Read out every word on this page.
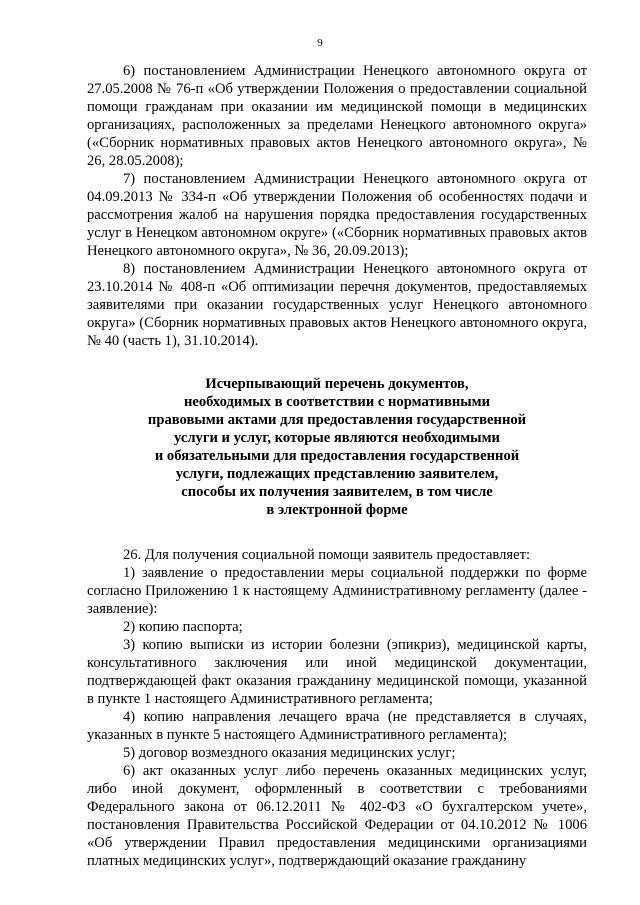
9

6) постановлением Администрации Ненецкого автономного округа от 27.05.2008 № 76-п «Об утверждении Положения о предоставлении социальной помощи гражданам при оказании им медицинской помощи в медицинских организациях, расположенных за пределами Ненецкого автономного округа» («Сборник нормативных правовых актов Ненецкого автономного округа», № 26, 28.05.2008);

7) постановлением Администрации Ненецкого автономного округа от 04.09.2013 № 334-п «Об утверждении Положения об особенностях подачи и рассмотрения жалоб на нарушения порядка предоставления государственных услуг в Ненецком автономном округе» («Сборник нормативных правовых актов Ненецкого автономного округа», № 36, 20.09.2013);

8) постановлением Администрации Ненецкого автономного округа от 23.10.2014 № 408-п «Об оптимизации перечня документов, предоставляемых заявителями при оказании государственных услуг Ненецкого автономного округа» (Сборник нормативных правовых актов Ненецкого автономного округа, № 40 (часть 1), 31.10.2014).

Исчерпывающий перечень документов,
необходимых в соответствии с нормативными
правовыми актами для предоставления государственной
услуги и услуг, которые являются необходимыми
и обязательными для предоставления государственной
услуги, подлежащих представлению заявителем,
способы их получения заявителем, в том числе
в электронной форме

26. Для получения социальной помощи заявитель предоставляет:

1) заявление о предоставлении меры социальной поддержки по форме согласно Приложению 1 к настоящему Административному регламенту (далее - заявление):

2) копию паспорта;

3) копию выписки из истории болезни (эпикриз), медицинской карты, консультативного заключения или иной медицинской документации, подтверждающей факт оказания гражданину медицинской помощи, указанной в пункте 1 настоящего Административного регламента;

4) копию направления лечащего врача (не представляется в случаях, указанных в пункте 5 настоящего Административного регламента);

5) договор возмездного оказания медицинских услуг;

6) акт оказанных услуг либо перечень оказанных медицинских услуг, либо иной документ, оформленный в соответствии с требованиями Федерального закона от 06.12.2011 № 402-ФЗ «О бухгалтерском учете», постановления Правительства Российской Федерации от 04.10.2012 № 1006 «Об утверждении Правил предоставления медицинскими организациями платных медицинских услуг», подтверждающий оказание гражданину
